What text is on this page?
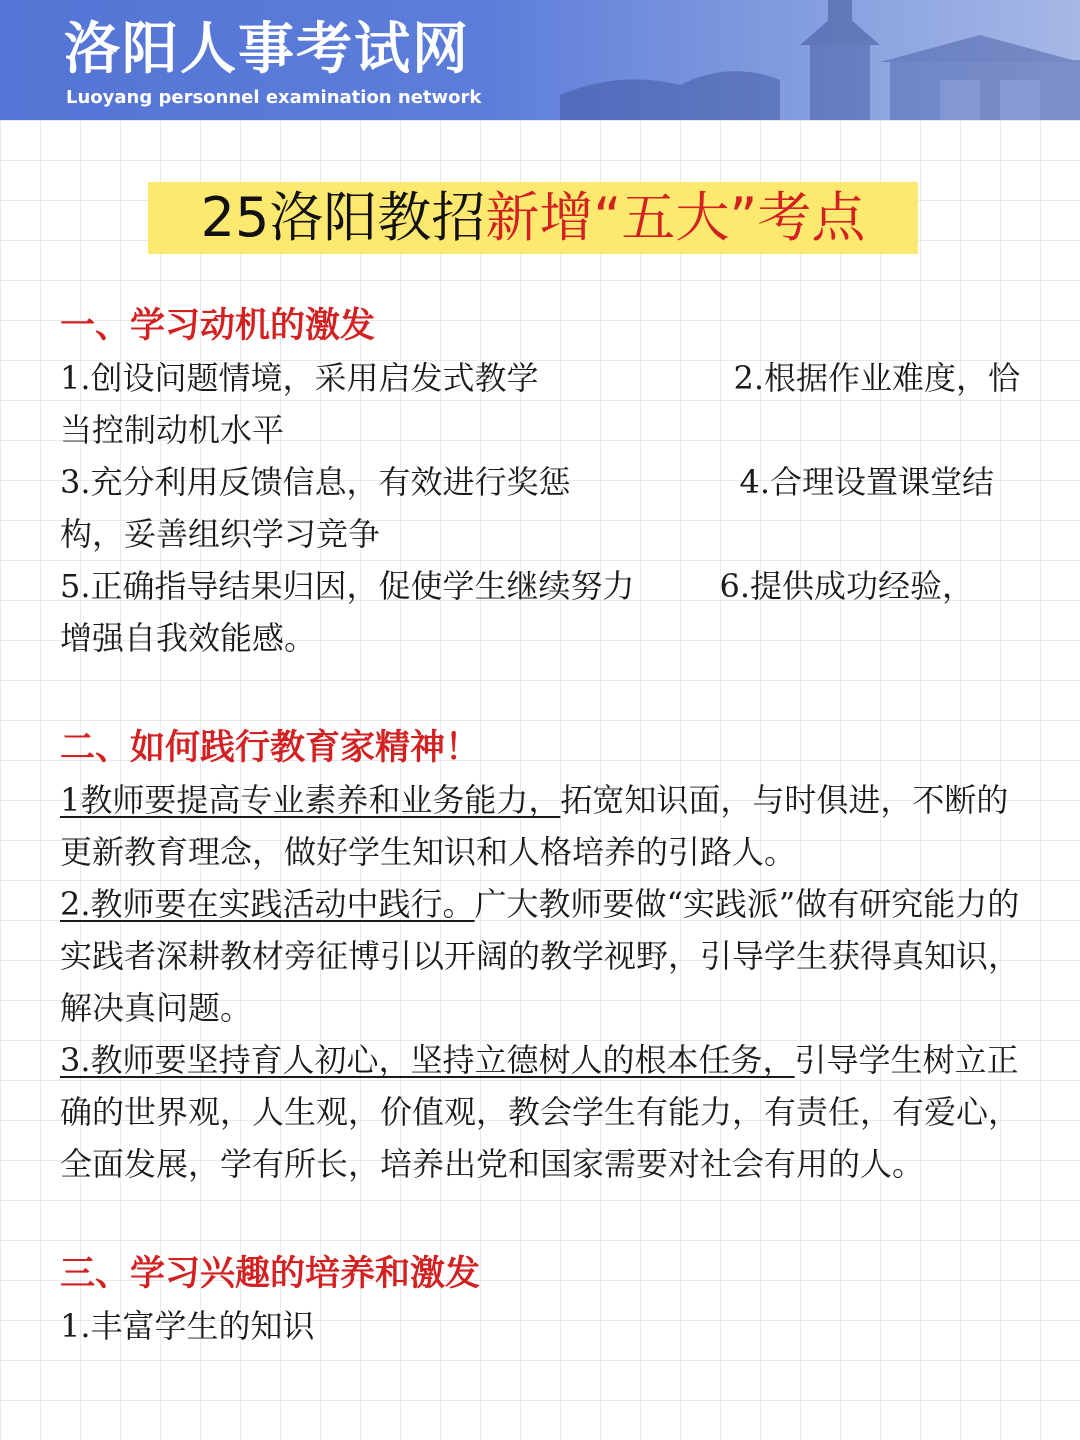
洛阳人事考试网
Luoyang personnel examination network
25洛阳教招新增“五大”考点
一、学习动机的激发
1.创设问题情境，采用启发式教学	2.根据作业难度，恰
当控制动机水平
3.充分利用反馈信息，有效进行奖惩	4.合理设置课堂结
构，妥善组织学习竞争
5.正确指导结果归因，促使学生继续努力	6.提供成功经验，
增强自我效能感。
二、如何践行教育家精神！

1教师要提高专业素养和业务能力，拓宽知识面，与时俱进，不断的更新教育理念，做好学生知识和人格培养的引路人。

2.教师要在实践活动中践行。广大教师要做“实践派”做有研究能力的实践者深耕教材旁征博引以开阔的教学视野，引导学生获得真知识，解决真问题。

3.教师要坚持育人初心，坚持立德树人的根本任务，引导学生树立正确的世界观，人生观，价值观，教会学生有能力，有责任，有爱心，全面发展，学有所长，培养出党和国家需要对社会有用的人。

三、学习兴趣的培养和激发

1.丰富学生的知识
